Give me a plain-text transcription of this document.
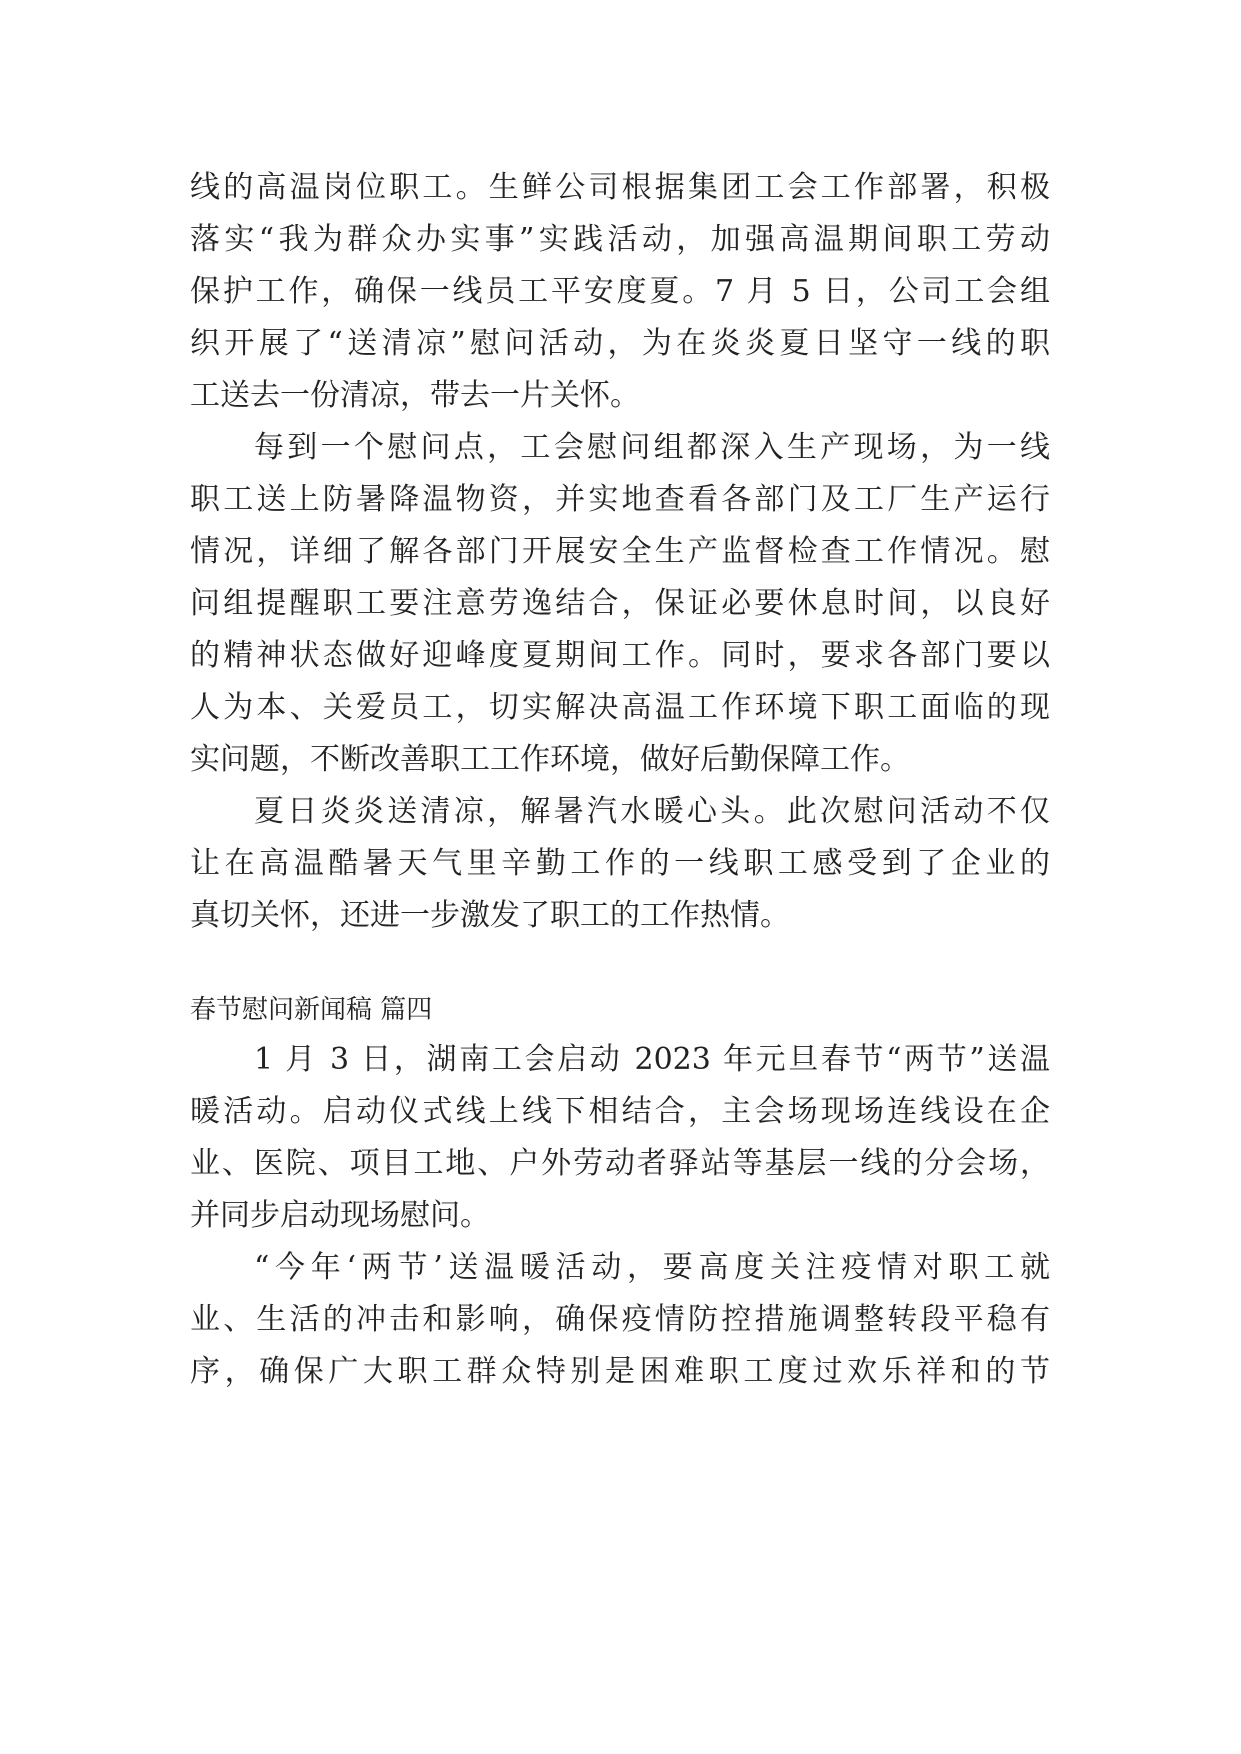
线的高温岗位职工。生鲜公司根据集团工会工作部署，积极
落实“我为群众办实事”实践活动，加强高温期间职工劳动
保护工作，确保一线员工平安度夏。7 月 5 日，公司工会组
织开展了“送清凉”慰问活动，为在炎炎夏日坚守一线的职
工送去一份清凉，带去一片关怀。
每到一个慰问点，工会慰问组都深入生产现场，为一线
职工送上防暑降温物资，并实地查看各部门及工厂生产运行
情况，详细了解各部门开展安全生产监督检查工作情况。慰
问组提醒职工要注意劳逸结合，保证必要休息时间，以良好
的精神状态做好迎峰度夏期间工作。同时，要求各部门要以
人为本、关爱员工，切实解决高温工作环境下职工面临的现
实问题，不断改善职工工作环境，做好后勤保障工作。
夏日炎炎送清凉，解暑汽水暖心头。此次慰问活动不仅
让在高温酷暑天气里辛勤工作的一线职工感受到了企业的
真切关怀，还进一步激发了职工的工作热情。
春节慰问新闻稿 篇四
1 月 3 日，湖南工会启动 2023 年元旦春节“两节”送温
暖活动。启动仪式线上线下相结合，主会场现场连线设在企
业、医院、项目工地、户外劳动者驿站等基层一线的分会场，
并同步启动现场慰问。
“今年‘两节’送温暖活动，要高度关注疫情对职工就
业、生活的冲击和影响，确保疫情防控措施调整转段平稳有
序，确保广大职工群众特别是困难职工度过欢乐祥和的节
